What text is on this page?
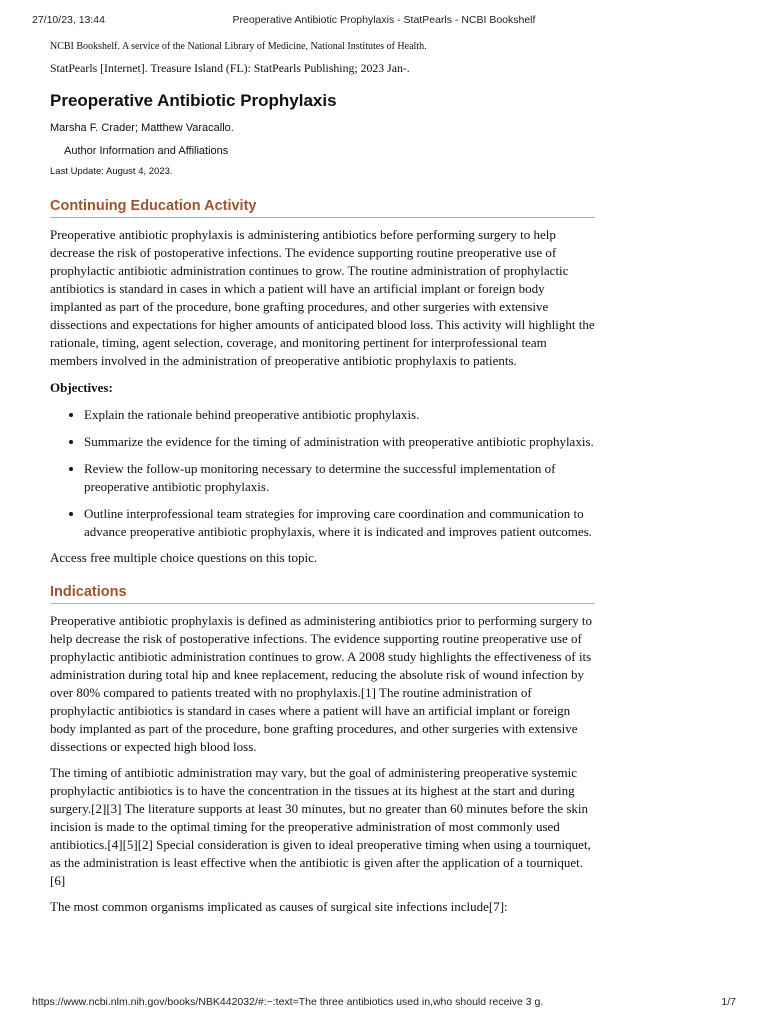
27/10/23, 13:44	Preoperative Antibiotic Prophylaxis - StatPearls - NCBI Bookshelf

NCBI Bookshelf. A service of the National Library of Medicine, National Institutes of Health.

StatPearls [Internet]. Treasure Island (FL): StatPearls Publishing; 2023 Jan-.

Preoperative Antibiotic Prophylaxis

Marsha F. Crader; Matthew Varacallo.

Author Information and Affiliations

Last Update: August 4, 2023.

Continuing Education Activity

Preoperative antibiotic prophylaxis is administering antibiotics before performing surgery to help decrease the risk of postoperative infections. The evidence supporting routine preoperative use of prophylactic antibiotic administration continues to grow. The routine administration of prophylactic antibiotics is standard in cases in which a patient will have an artificial implant or foreign body implanted as part of the procedure, bone grafting procedures, and other surgeries with extensive dissections and expectations for higher amounts of anticipated blood loss. This activity will highlight the rationale, timing, agent selection, coverage, and monitoring pertinent for interprofessional team members involved in the administration of preoperative antibiotic prophylaxis to patients.

Objectives:

• Explain the rationale behind preoperative antibiotic prophylaxis.
• Summarize the evidence for the timing of administration with preoperative antibiotic prophylaxis.
• Review the follow-up monitoring necessary to determine the successful implementation of preoperative antibiotic prophylaxis.
• Outline interprofessional team strategies for improving care coordination and communication to advance preoperative antibiotic prophylaxis, where it is indicated and improves patient outcomes.

Access free multiple choice questions on this topic.

Indications

Preoperative antibiotic prophylaxis is defined as administering antibiotics prior to performing surgery to help decrease the risk of postoperative infections. The evidence supporting routine preoperative use of prophylactic antibiotic administration continues to grow. A 2008 study highlights the effectiveness of its administration during total hip and knee replacement, reducing the absolute risk of wound infection by over 80% compared to patients treated with no prophylaxis.[1] The routine administration of prophylactic antibiotics is standard in cases where a patient will have an artificial implant or foreign body implanted as part of the procedure, bone grafting procedures, and other surgeries with extensive dissections or expected high blood loss.

The timing of antibiotic administration may vary, but the goal of administering preoperative systemic prophylactic antibiotics is to have the concentration in the tissues at its highest at the start and during surgery.[2][3] The literature supports at least 30 minutes, but no greater than 60 minutes before the skin incision is made to the optimal timing for the preoperative administration of most commonly used antibiotics.[4][5][2] Special consideration is given to ideal preoperative timing when using a tourniquet, as the administration is least effective when the antibiotic is given after the application of a tourniquet.[6]

The most common organisms implicated as causes of surgical site infections include[7]:

https://www.ncbi.nlm.nih.gov/books/NBK442032/#:~:text=The three antibiotics used in,who should receive 3 g.	1/7
